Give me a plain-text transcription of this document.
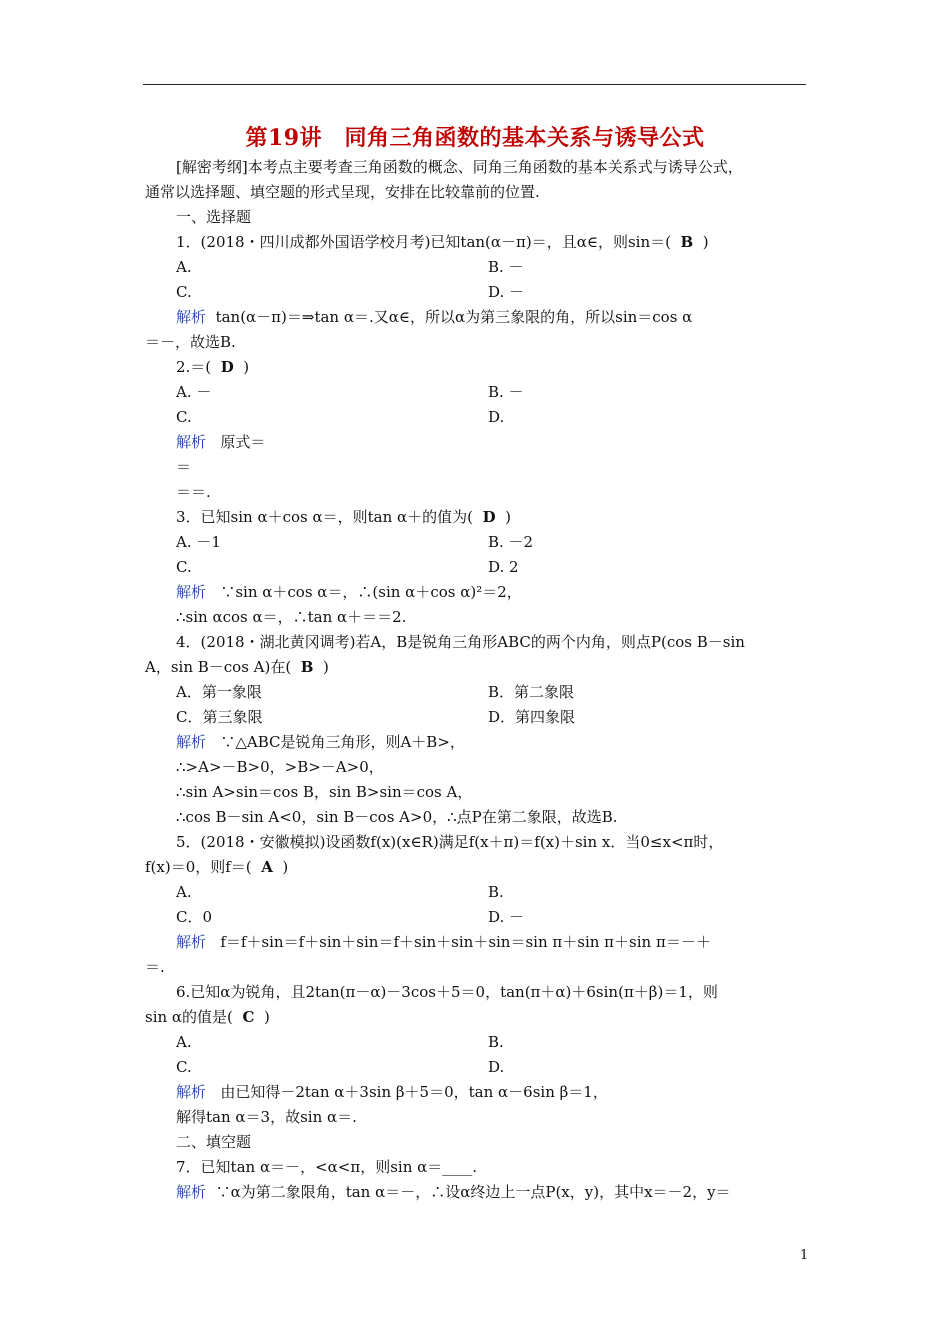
第19讲　同角三角函数的基本关系与诱导公式
[解密考纲]本考点主要考查三角函数的概念、同角三角函数的基本关系式与诱导公式，
通常以选择题、填空题的形式呈现，安排在比较靠前的位置.
一、选择题
1．(2018・四川成都外国语学校月考)已知tan(α－π)＝，且α∈，则sin＝( B )
A.	B. －
C.	D. －
解析 tan(α－π)＝⇒tan α＝.又α∈，所以α为第三象限的角，所以sin＝cos α
＝－，故选B.
2.＝( D )
A. －	B. －
C.	D.
解析 原式＝
＝
＝＝.
3．已知sin α＋cos α＝，则tan α＋的值为( D )
A. －1	B. －2
C.	D. 2
解析 ∵sin α＋cos α＝，∴(sin α＋cos α)²＝2，
∴sin αcos α＝，∴tan α＋＝＝2.
4．(2018・湖北黄冈调考)若A，B是锐角三角形ABC的两个内角，则点P(cos B－sin
A，sin B－cos A)在( B )
A．第一象限	B．第二象限
C．第三象限	D．第四象限
解析 ∵△ABC是锐角三角形，则A＋B>，
∴>A>－B>0，>B>－A>0，
∴sin A>sin＝cos B，sin B>sin＝cos A，
∴cos B－sin A<0，sin B－cos A>0，∴点P在第二象限，故选B.
5．(2018・安徽模拟)设函数f(x)(x∈R)满足f(x＋π)＝f(x)＋sin x．当0≤x<π时，
f(x)＝0，则f＝( A )
A.	B.
C．0	D. －
解析 f＝f＋sin＝f＋sin＋sin＝f＋sin＋sin＋sin＝sin π＋sin π＋sin π＝－＋
＝.
6.已知α为锐角，且2tan(π－α)－3cos＋5＝0，tan(π＋α)＋6sin(π＋β)＝1，则
sin α的值是( C )
A.	B.
C.	D.
解析 由已知得－2tan α＋3sin β＋5＝0，tan α－6sin β＝1，
解得tan α＝3，故sin α＝.
二、填空题
7．已知tan α＝－，<α<π，则sin α＝____.
解析 ∵α为第二象限角，tan α＝－，∴设α终边上一点P(x，y)，其中x＝－2，y＝
1
